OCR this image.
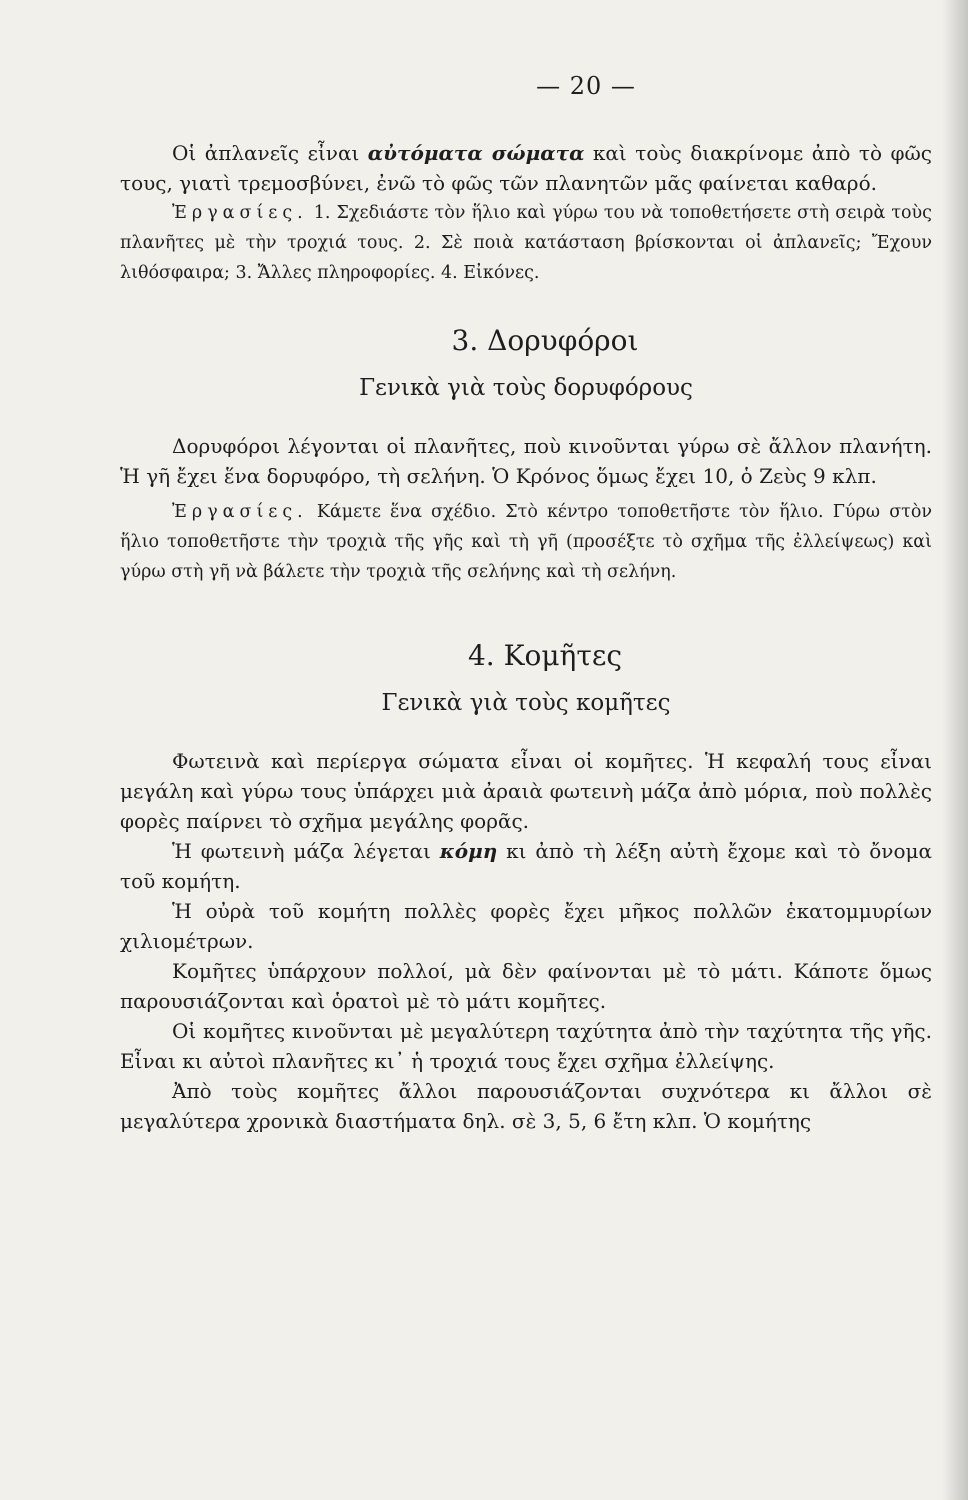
— 20 —

Οἱ ἀπλανεῖς εἶναι αὐτόματα σώματα καὶ τοὺς διακρίνομε ἀπὸ τὸ φῶς τους, γιατὶ τρεμοσβύνει, ἐνῶ τὸ φῶς τῶν πλανητῶν μᾶς φαίνεται καθαρό.

Ἐργασίες. 1. Σχεδιάστε τὸν ἥλιο καὶ γύρω του νὰ τοποθετήσετε στὴ σειρὰ τοὺς πλανῆτες μὲ τὴν τροχιά τους. 2. Σὲ ποιὰ κατάσταση βρίσκονται οἱ ἀπλανεῖς; Ἔχουν λιθόσφαιρα; 3. Ἄλλες πληροφορίες. 4. Εἰκόνες.

3. Δορυφόροι
Γενικὰ γιὰ τοὺς δορυφόρους

Δορυφόροι λέγονται οἱ πλανῆτες, ποὺ κινοῦνται γύρω σὲ ἄλλον πλανήτη. Ἡ γῆ ἔχει ἕνα δορυφόρο, τὴ σελήνη. Ὁ Κρόνος ὅμως ἔχει 10, ὁ Ζεὺς 9 κλπ.

Ἐργασίες. Κάμετε ἕνα σχέδιο. Στὸ κέντρο τοποθετῆστε τὸν ἥλιο. Γύρω στὸν ἥλιο τοποθετῆστε τὴν τροχιὰ τῆς γῆς καὶ τὴ γῆ (προσέξτε τὸ σχῆμα τῆς ἐλλείψεως) καὶ γύρω στὴ γῆ νὰ βάλετε τὴν τροχιὰ τῆς σελήνης καὶ τὴ σελήνη.

4. Κομῆτες
Γενικὰ γιὰ τοὺς κομῆτες

Φωτεινὰ καὶ περίεργα σώματα εἶναι οἱ κομῆτες. Ἡ κεφαλή τους εἶναι μεγάλη καὶ γύρω τους ὑπάρχει μιὰ ἀραιὰ φωτεινὴ μάζα ἀπὸ μόρια, ποὺ πολλὲς φορὲς παίρνει τὸ σχῆμα μεγάλης φορᾶς.

Ἡ φωτεινὴ μάζα λέγεται κόμη κι ἀπὸ τὴ λέξη αὐτὴ ἔχομε καὶ τὸ ὄνομα τοῦ κομήτη.

Ἡ οὐρὰ τοῦ κομήτη πολλὲς φορὲς ἔχει μῆκος πολλῶν ἑκατομμυρίων χιλιομέτρων.

Κομῆτες ὑπάρχουν πολλοί, μὰ δὲν φαίνονται μὲ τὸ μάτι. Κάποτε ὅμως παρουσιάζονται καὶ ὁρατοὶ μὲ τὸ μάτι κομῆτες.

Οἱ κομῆτες κινοῦνται μὲ μεγαλύτερη ταχύτητα ἀπὸ τὴν ταχύτητα τῆς γῆς. Εἶναι κι αὐτοὶ πλανῆτες κι᾽ ἡ τροχιά τους ἔχει σχῆμα ἐλλείψης.

Ἀπὸ τοὺς κομῆτες ἄλλοι παρουσιάζονται συχνότερα κι ἄλλοι σὲ μεγαλύτερα χρονικὰ διαστήματα δηλ. σὲ 3, 5, 6 ἔτη κλπ. Ὁ κομήτης
